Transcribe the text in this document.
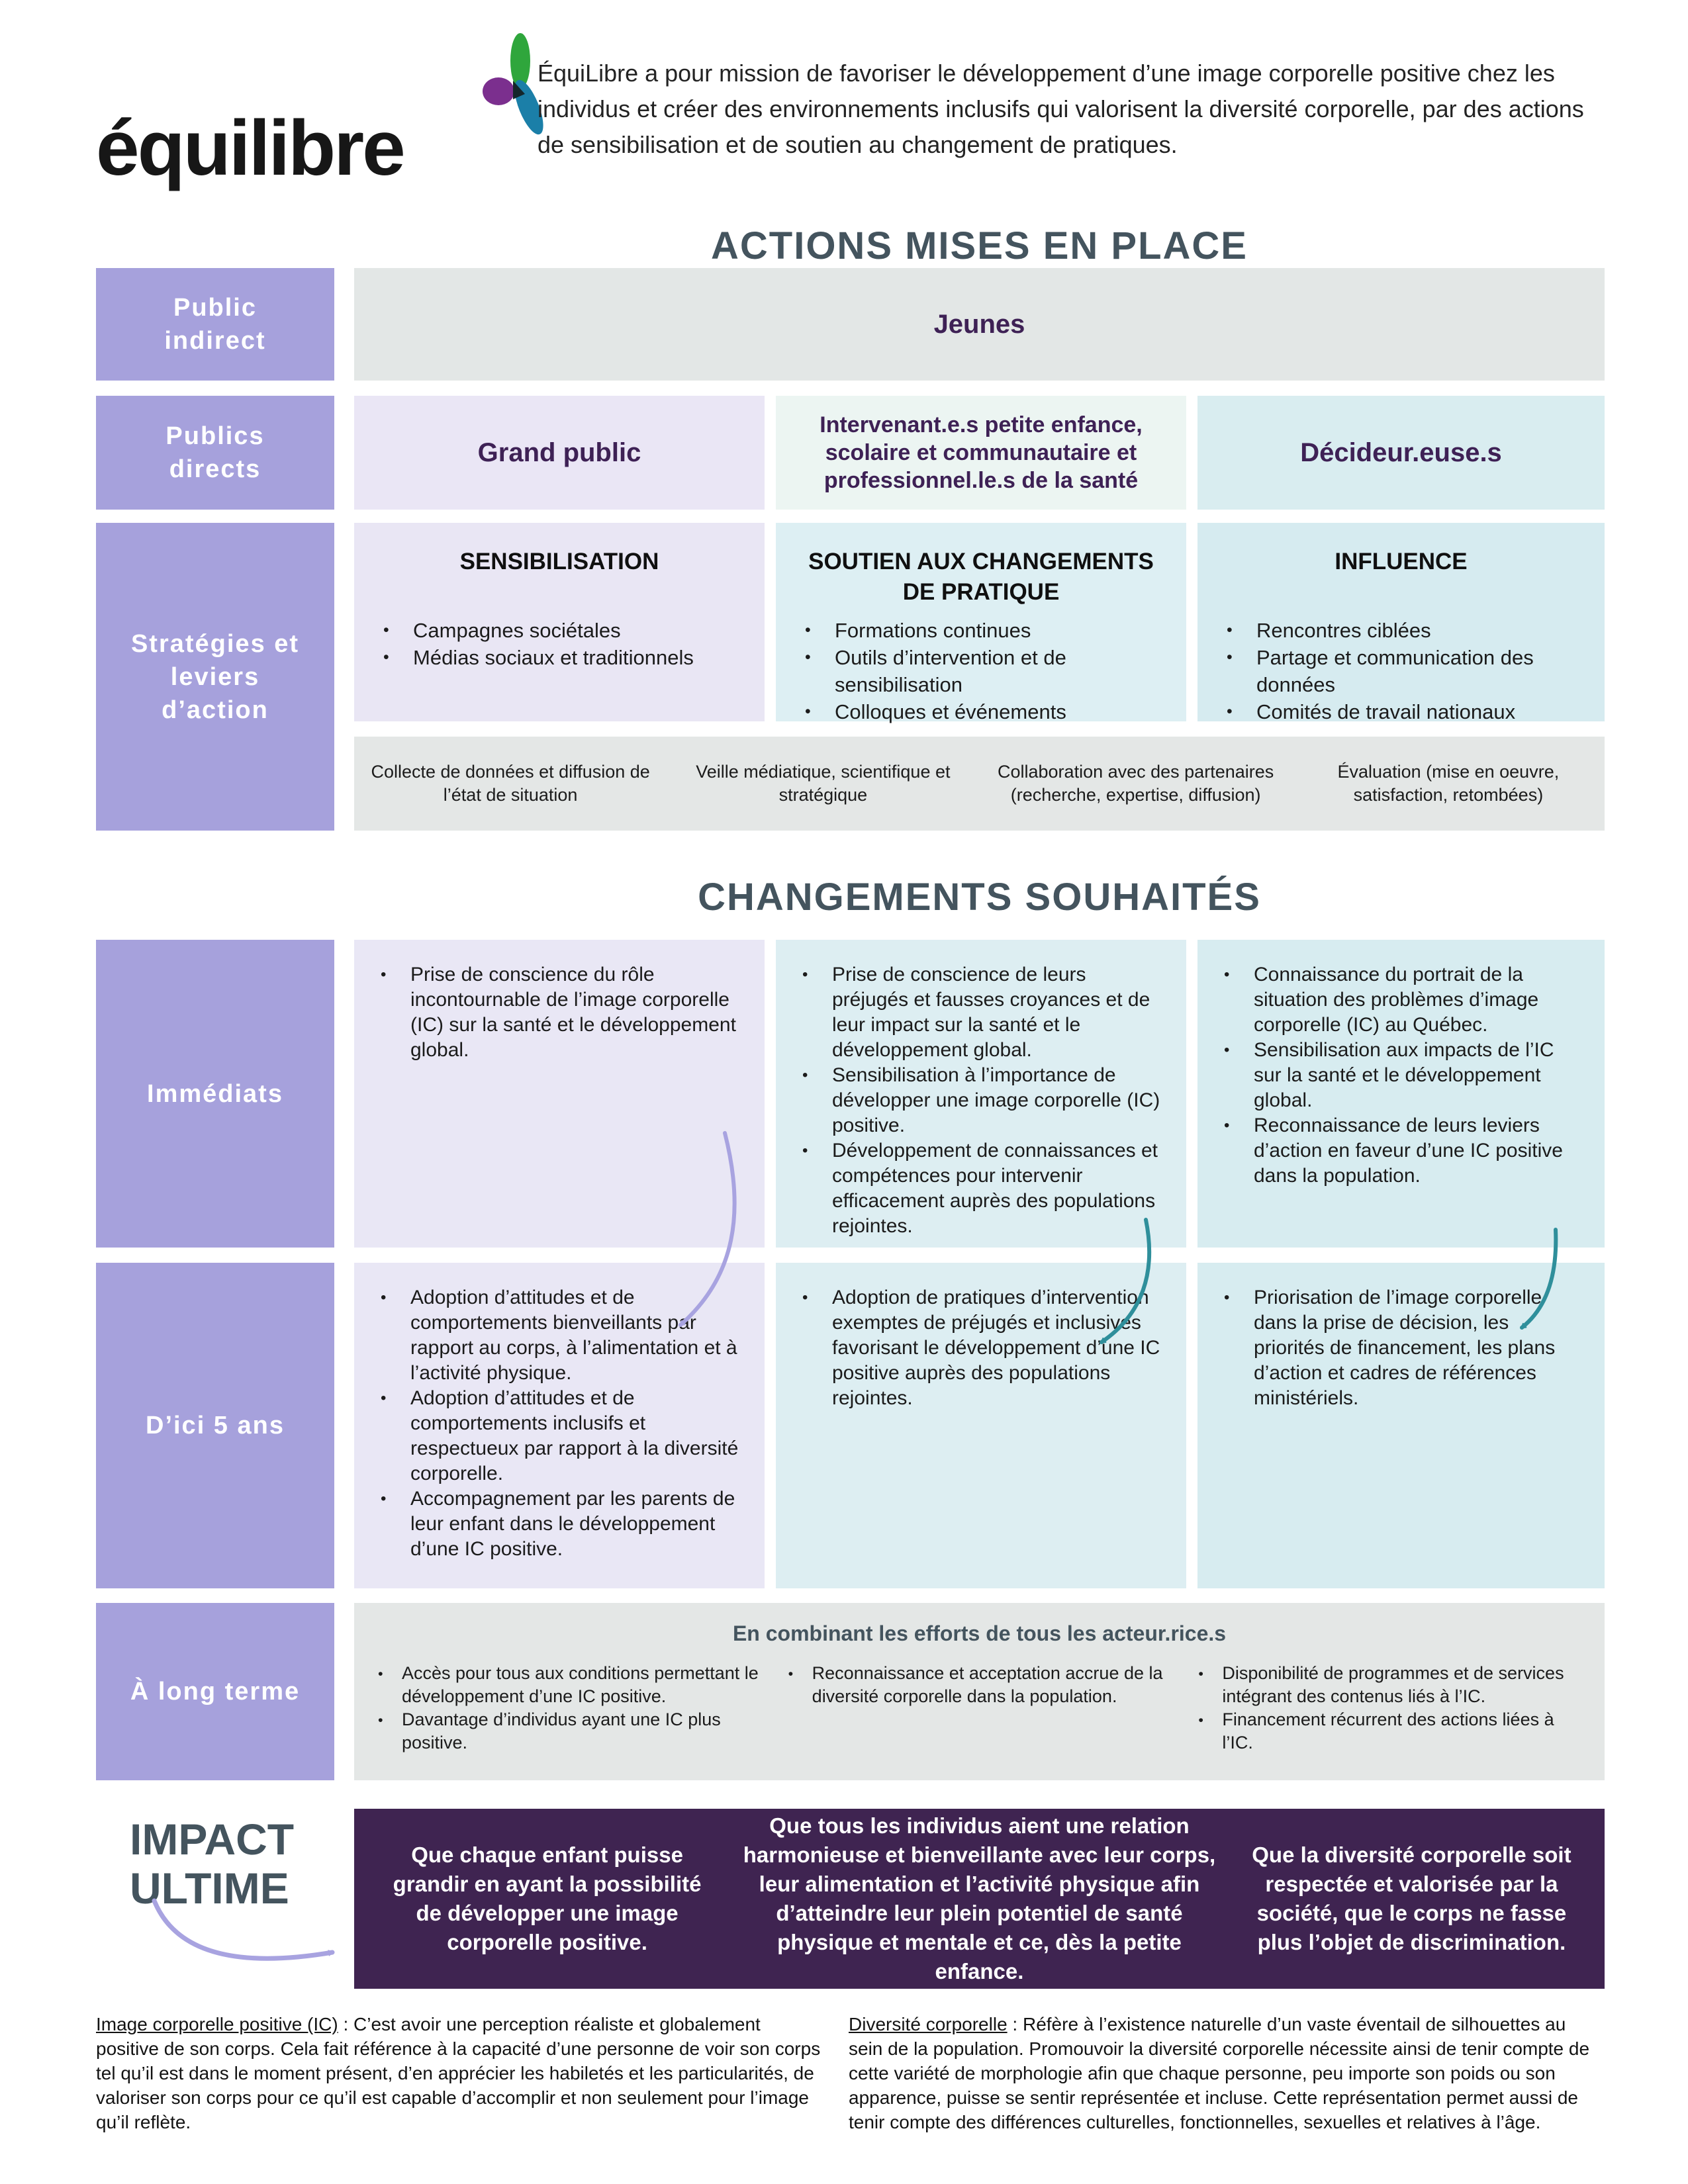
équilibre
ÉquiLibre a pour mission de favoriser le développement d’une image corporelle positive chez les individus et créer des environnements inclusifs qui valorisent la diversité corporelle, par des actions de sensibilisation et de soutien au changement de pratiques.
ACTIONS MISES EN PLACE
Public indirect
Jeunes
Publics directs
Grand public
Intervenant.e.s petite enfance, scolaire et communautaire et professionnel.le.s de la santé
Décideur.euse.s
Stratégies et leviers d’action
SENSIBILISATION
• Campagnes sociétales
• Médias sociaux et traditionnels
SOUTIEN AUX CHANGEMENTS DE PRATIQUE
• Formations continues
• Outils d’intervention et de sensibilisation
• Colloques et événements
INFLUENCE
• Rencontres ciblées
• Partage et communication des données
• Comités de travail nationaux
Collecte de données et diffusion de l’état de situation
Veille médiatique, scientifique et stratégique
Collaboration avec des partenaires (recherche, expertise, diffusion)
Évaluation (mise en oeuvre, satisfaction, retombées)
CHANGEMENTS SOUHAITÉS
Immédiats
• Prise de conscience du rôle incontournable de l’image corporelle (IC) sur la santé et le développement global.
• Prise de conscience de leurs préjugés et fausses croyances et de leur impact sur la santé et le développement global.
• Sensibilisation à l’importance de développer une image corporelle (IC) positive.
• Développement de connaissances et compétences pour intervenir efficacement auprès des populations rejointes.
• Connaissance du portrait de la situation des problèmes d’image corporelle (IC) au Québec.
• Sensibilisation aux impacts de l’IC sur la santé et le développement global.
• Reconnaissance de leurs leviers d’action en faveur d’une IC positive dans la population.
D’ici 5 ans
• Adoption d’attitudes et de comportements bienveillants par rapport au corps, à l’alimentation et à l’activité physique.
• Adoption d’attitudes et de comportements inclusifs et respectueux par rapport à la diversité corporelle.
• Accompagnement par les parents de leur enfant dans le développement d’une IC positive.
• Adoption de pratiques d’intervention exemptes de préjugés et inclusives favorisant le développement d’une IC positive auprès des populations rejointes.
• Priorisation de l’image corporelle dans la prise de décision, les priorités de financement, les plans d’action et cadres de références ministériels.
À long terme
En combinant les efforts de tous les acteur.rice.s
• Accès pour tous aux conditions permettant le développement d’une IC positive.
• Davantage d’individus ayant une IC plus positive.
• Reconnaissance et acceptation accrue de la diversité corporelle dans la population.
• Disponibilité de programmes et de services intégrant des contenus liés à l’IC.
• Financement récurrent des actions liées à l’IC.
IMPACT ULTIME
Que chaque enfant puisse grandir en ayant la possibilité de développer une image corporelle positive.
Que tous les individus aient une relation harmonieuse et bienveillante avec leur corps, leur alimentation et l’activité physique afin d’atteindre leur plein potentiel de santé physique et mentale et ce, dès la petite enfance.
Que la diversité corporelle soit respectée et valorisée par la société, que le corps ne fasse plus l’objet de discrimination.
Image corporelle positive (IC) : C’est avoir une perception réaliste et globalement positive de son corps. Cela fait référence à la capacité d’une personne de voir son corps tel qu’il est dans le moment présent, d’en apprécier les habiletés et les particularités, de valoriser son corps pour ce qu’il est capable d’accomplir et non seulement pour l’image qu’il reflète.
Diversité corporelle : Réfère à l’existence naturelle d’un vaste éventail de silhouettes au sein de la population. Promouvoir la diversité corporelle nécessite ainsi de tenir compte de cette variété de morphologie afin que chaque personne, peu importe son poids ou son apparence, puisse se sentir représentée et incluse. Cette représentation permet aussi de tenir compte des différences culturelles, fonctionnelles, sexuelles et relatives à l’âge.
